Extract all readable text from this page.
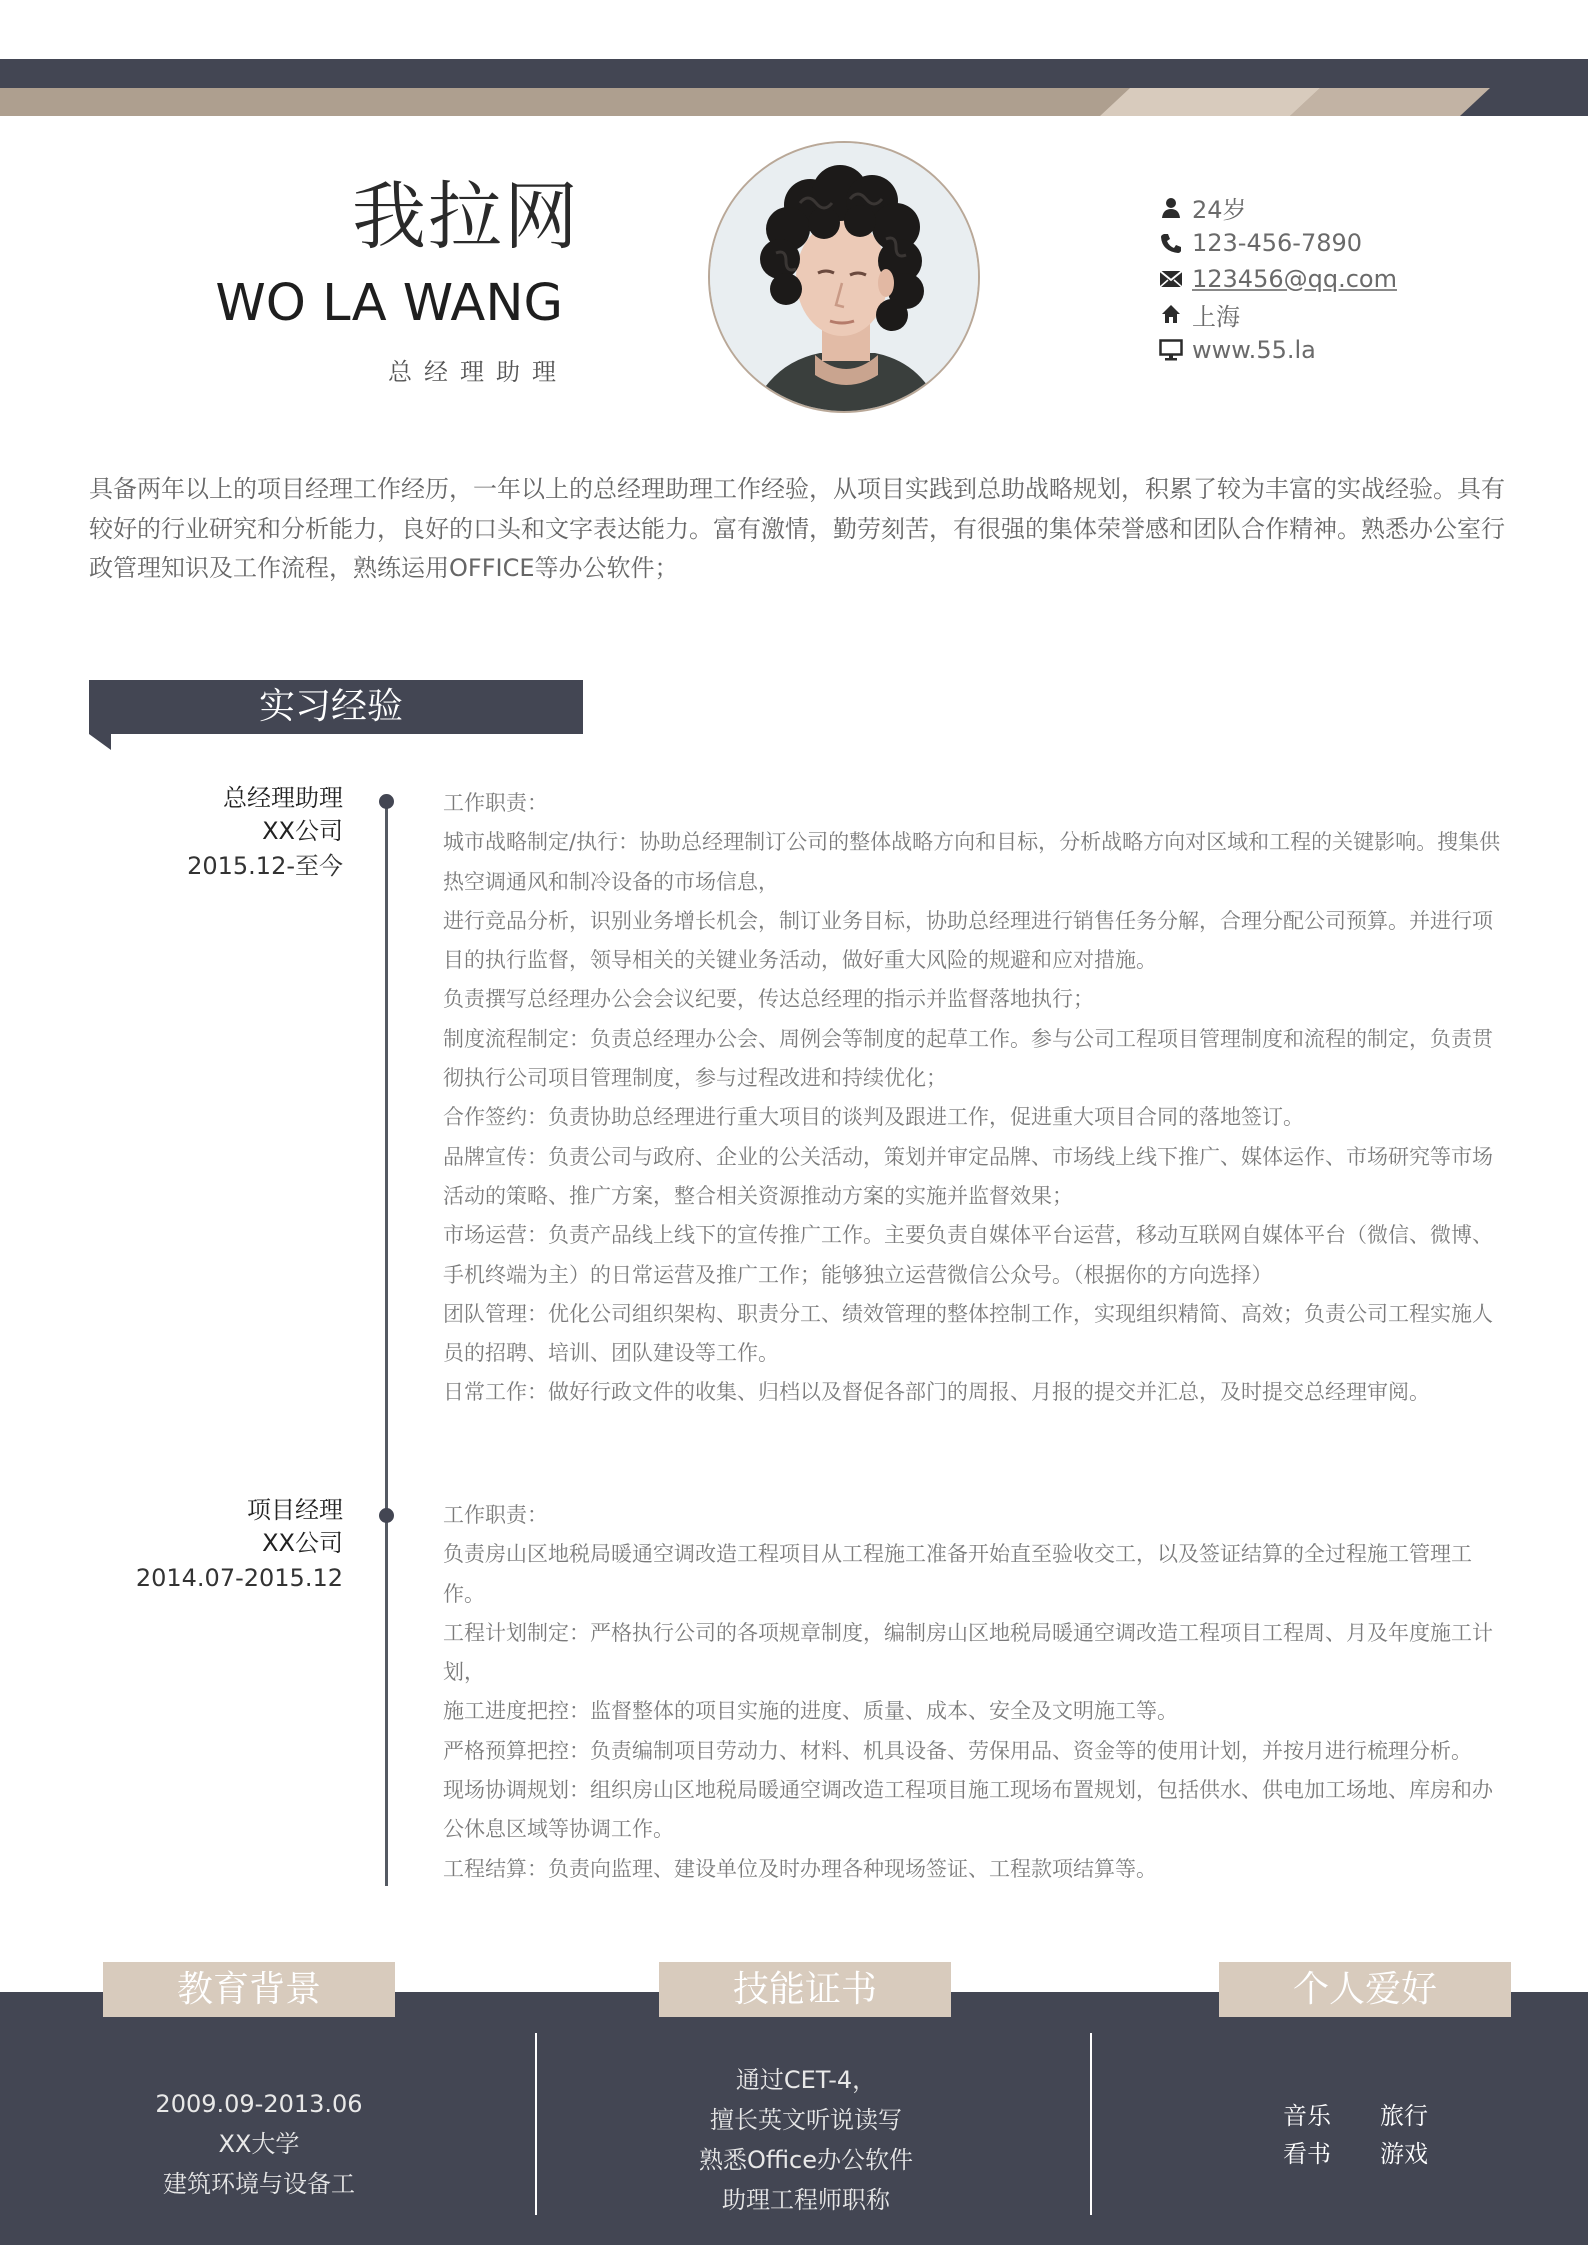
我拉网
WO LA WANG
总经理助理
24岁
123-456-7890
123456@qq.com
上海
www.55.la
具备两年以上的项目经理工作经历，一年以上的总经理助理工作经验，从项目实践到总助战略规划，积累了较为丰富的实战经验。具有较好的行业研究和分析能力，良好的口头和文字表达能力。富有激情，勤劳刻苦，有很强的集体荣誉感和团队合作精神。熟悉办公室行政管理知识及工作流程，熟练运用OFFICE等办公软件；
实习经验
总经理助理
XX公司
2015.12-至今

工作职责：

城市战略制定/执行：协助总经理制订公司的整体战略方向和目标，分析战略方向对区域和工程的关键影响。搜集供热空调通风和制冷设备的市场信息，

进行竞品分析，识别业务增长机会，制订业务目标，协助总经理进行销售任务分解，合理分配公司预算。并进行项目的执行监督，领导相关的关键业务活动，做好重大风险的规避和应对措施。

负责撰写总经理办公会会议纪要，传达总经理的指示并监督落地执行；

制度流程制定：负责总经理办公会、周例会等制度的起草工作。参与公司工程项目管理制度和流程的制定，负责贯彻执行公司项目管理制度，参与过程改进和持续优化；

合作签约：负责协助总经理进行重大项目的谈判及跟进工作，促进重大项目合同的落地签订。

品牌宣传：负责公司与政府、企业的公关活动，策划并审定品牌、市场线上线下推广、媒体运作、市场研究等市场活动的策略、推广方案，整合相关资源推动方案的实施并监督效果；

市场运营：负责产品线上线下的宣传推广工作。主要负责自媒体平台运营，移动互联网自媒体平台（微信、微博、手机终端为主）的日常运营及推广工作；能够独立运营微信公众号。（根据你的方向选择）

团队管理：优化公司组织架构、职责分工、绩效管理的整体控制工作，实现组织精简、高效；负责公司工程实施人员的招聘、培训、团队建设等工作。

日常工作：做好行政文件的收集、归档以及督促各部门的周报、月报的提交并汇总，及时提交总经理审阅。

项目经理
XX公司
2014.07-2015.12

工作职责：

负责房山区地税局暖通空调改造工程项目从工程施工准备开始直至验收交工，以及签证结算的全过程施工管理工作。

工程计划制定：严格执行公司的各项规章制度，编制房山区地税局暖通空调改造工程项目工程周、月及年度施工计划，

施工进度把控：监督整体的项目实施的进度、质量、成本、安全及文明施工等。

严格预算把控：负责编制项目劳动力、材料、机具设备、劳保用品、资金等的使用计划，并按月进行梳理分析。

现场协调规划：组织房山区地税局暖通空调改造工程项目施工现场布置规划，包括供水、供电加工场地、库房和办公休息区域等协调工作。

工程结算：负责向监理、建设单位及时办理各种现场签证、工程款项结算等。

教育背景	技能证书	个人爱好
2009.09-2013.06
XX大学
建筑环境与设备工
通过CET-4，
擅长英文听说读写
熟悉Office办公软件
助理工程师职称
音乐 旅行
看书 游戏
